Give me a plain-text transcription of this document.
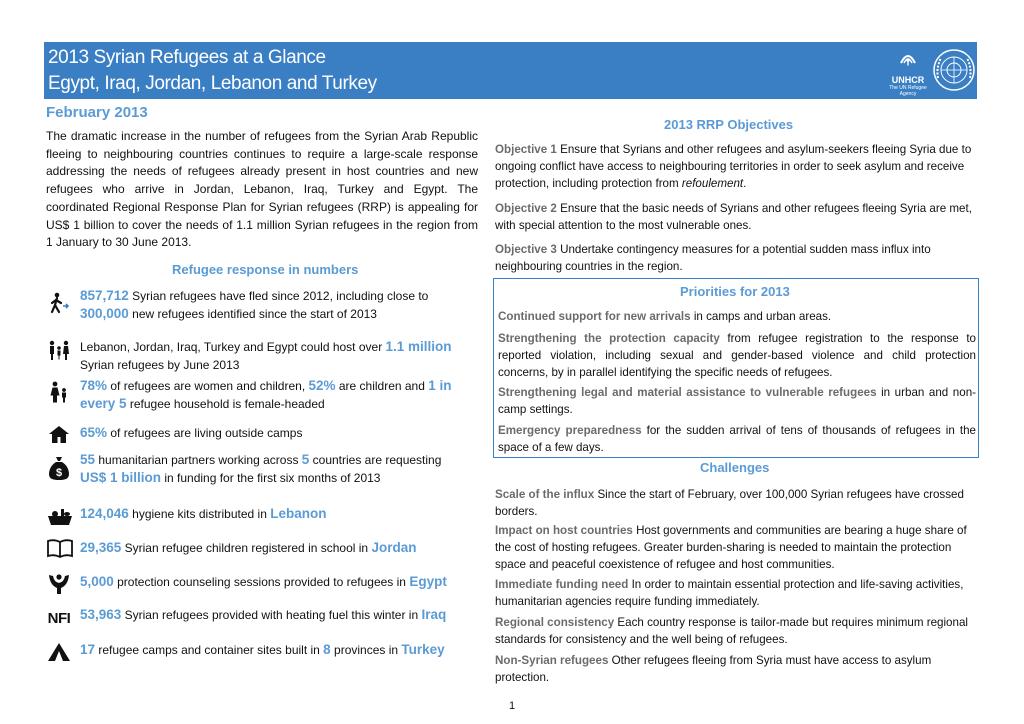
2013 Syrian Refugees at a Glance
Egypt, Iraq, Jordan, Lebanon and Turkey	UNHCR
The UN Refugee Agency
February 2013
The dramatic increase in the number of refugees from the Syrian Arab Republic fleeing to neighbouring countries continues to require a large-scale response addressing the needs of refugees already present in host countries and new refugees who arrive in Jordan, Lebanon, Iraq, Turkey and Egypt. The coordinated Regional Response Plan for Syrian refugees (RRP) is appealing for US$ 1 billion to cover the needs of 1.1 million Syrian refugees in the region from 1 January to 30 June 2013.
Refugee response in numbers
857,712 Syrian refugees have fled since 2012, including close to
300,000 new refugees identified since the start of 2013
Lebanon, Jordan, Iraq, Turkey and Egypt could host over 1.1 million
Syrian refugees by June 2013
78% of refugees are women and children, 52% are children and 1 in
every 5 refugee household is female-headed
65% of refugees are living outside camps
$
55 humanitarian partners working across 5 countries are requesting
US$ 1 billion in funding for the first six months of 2013
124,046 hygiene kits distributed in Lebanon
29,365 Syrian refugee children registered in school in Jordan
5,000 protection counseling sessions provided to refugees in Egypt
NFI 53,963 Syrian refugees provided with heating fuel this winter in Iraq
17 refugee camps and container sites built in 8 provinces in Turkey
2013 RRP Objectives
Objective 1 Ensure that Syrians and other refugees and asylum-seekers fleeing Syria due to ongoing conflict have access to neighbouring territories in order to seek asylum and receive protection, including protection from refoulement.
Objective 2 Ensure that the basic needs of Syrians and other refugees fleeing Syria are met, with special attention to the most vulnerable ones.
Objective 3 Undertake contingency measures for a potential sudden mass influx into neighbouring countries in the region.
Priorities for 2013
Continued support for new arrivals in camps and urban areas.
Strengthening the protection capacity from refugee registration to the response to reported violation, including sexual and gender-based violence and child protection concerns, by in parallel identifying the specific needs of refugees.
Strengthening legal and material assistance to vulnerable refugees in urban and non-camp settings.
Emergency preparedness for the sudden arrival of tens of thousands of refugees in the space of a few days.
Challenges
Scale of the influx Since the start of February, over 100,000 Syrian refugees have crossed borders.
Impact on host countries Host governments and communities are bearing a huge share of the cost of hosting refugees. Greater burden-sharing is needed to maintain the protection space and peaceful coexistence of refugee and host communities.
Immediate funding need In order to maintain essential protection and life-saving activities, humanitarian agencies require funding immediately.
Regional consistency Each country response is tailor-made but requires minimum regional standards for consistency and the well being of refugees.
Non-Syrian refugees Other refugees fleeing from Syria must have access to asylum protection.
1
